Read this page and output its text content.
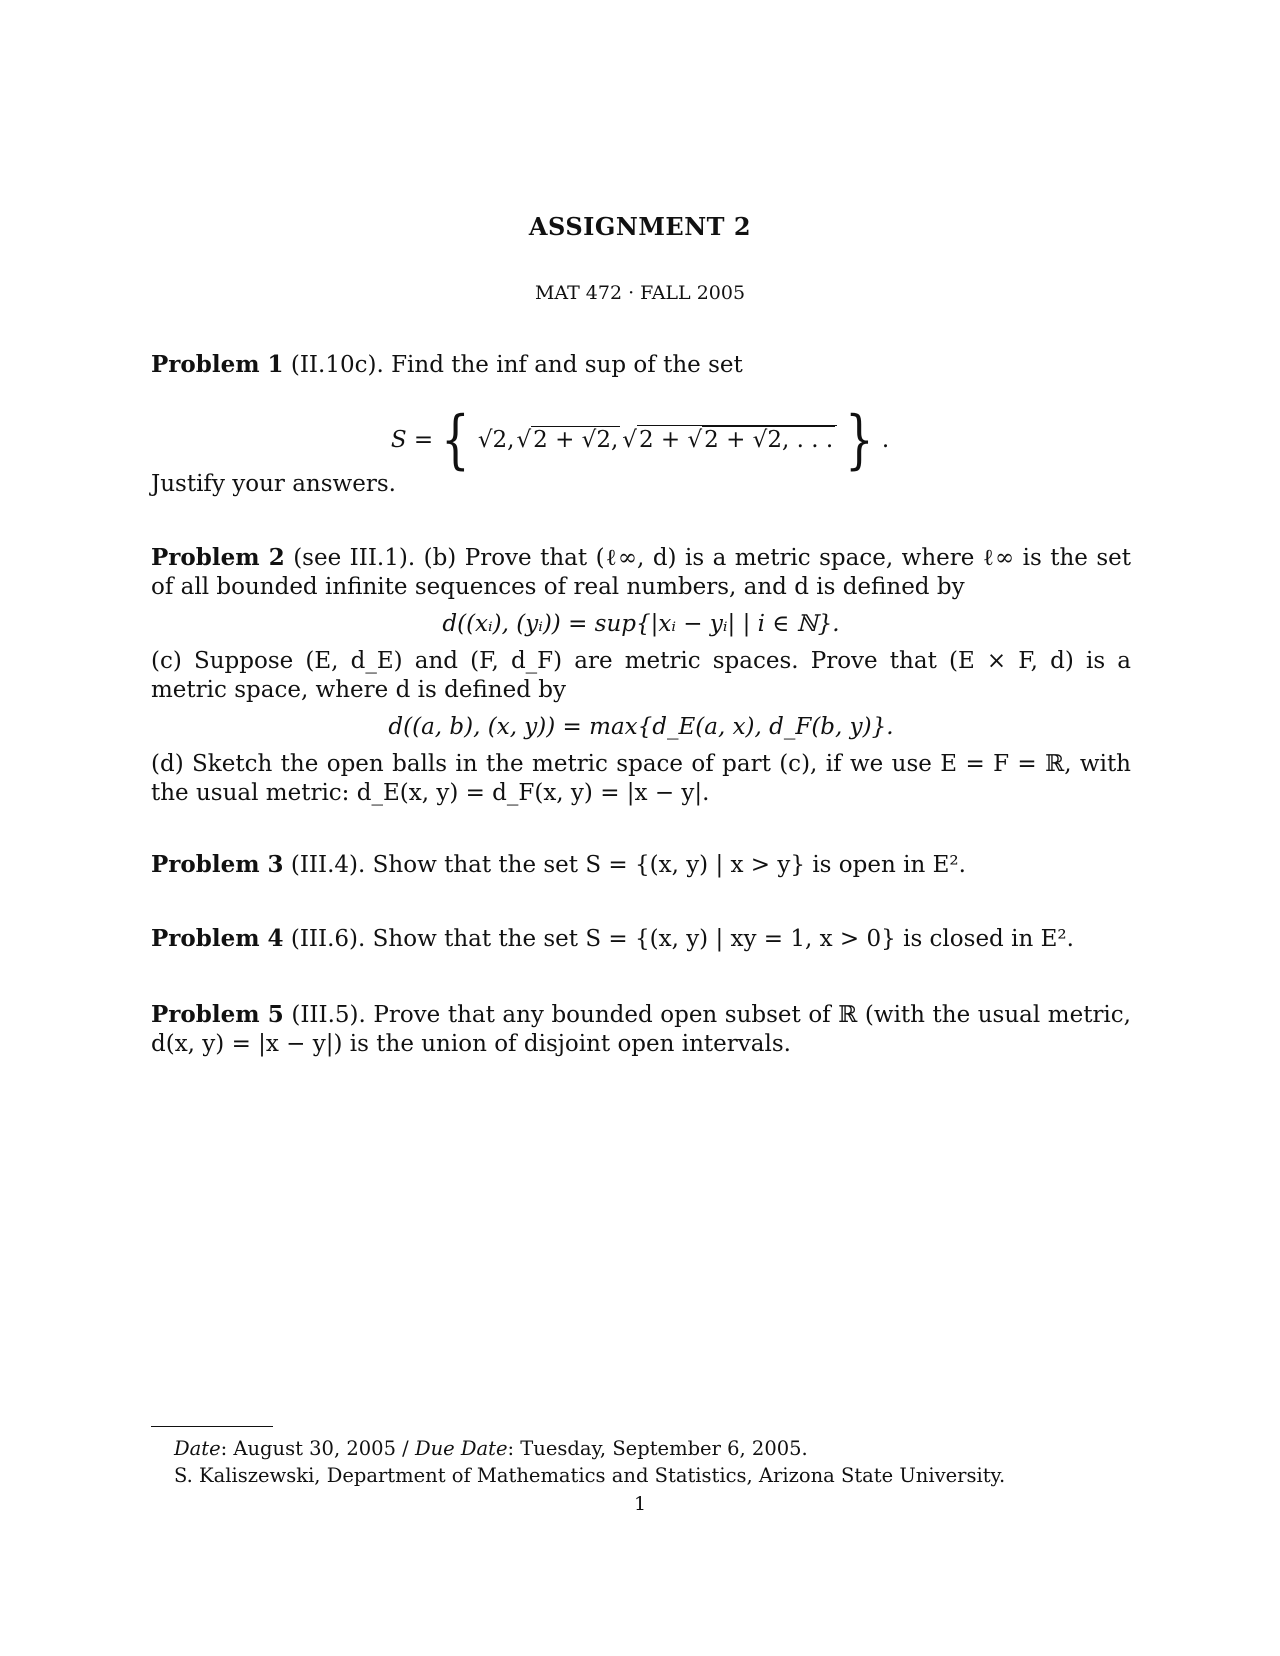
ASSIGNMENT 2
MAT 472 · FALL 2005
Problem 1 (II.10c). Find the inf and sup of the set
S = { √2, √2 + √2, √2 + √2 + √2, . . . } .
Justify your answers.
Problem 2 (see III.1). (b) Prove that (ℓ∞, d) is a metric space, where ℓ∞ is the set of all bounded infinite sequences of real numbers, and d is defined by
d((xᵢ), (yᵢ)) = sup{|xᵢ − yᵢ| | i ∈ ℕ}.
(c) Suppose (E, d_E) and (F, d_F) are metric spaces. Prove that (E × F, d) is a metric space, where d is defined by
d((a, b), (x, y)) = max{d_E(a, x), d_F(b, y)}.
(d) Sketch the open balls in the metric space of part (c), if we use E = F = ℝ, with the usual metric: d_E(x, y) = d_F(x, y) = |x − y|.
Problem 3 (III.4). Show that the set S = {(x, y) | x > y} is open in E².
Problem 4 (III.6). Show that the set S = {(x, y) | xy = 1, x > 0} is closed in E².
Problem 5 (III.5). Prove that any bounded open subset of ℝ (with the usual metric, d(x, y) = |x − y|) is the union of disjoint open intervals.
Date: August 30, 2005 / Due Date: Tuesday, September 6, 2005.
S. Kaliszewski, Department of Mathematics and Statistics, Arizona State University.
1
